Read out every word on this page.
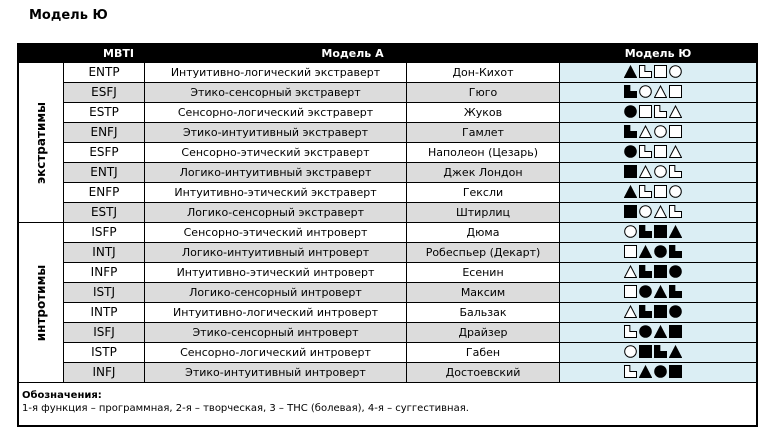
Модель Ю
MBTI	Модель А	Модель Ю
экстратимы
ENTP	Интуитивно-логический экстраверт	Дон-Кихот
ESFJ	Этико-сенсорный экстраверт	Гюго
ESTP	Сенсорно-логический экстраверт	Жуков
ENFJ	Этико-интуитивный экстраверт	Гамлет
ESFP	Сенсорно-этический экстраверт	Наполеон (Цезарь)
ENTJ	Логико-интуитивный экстраверт	Джек Лондон
ENFP	Интуитивно-этический экстраверт	Гексли
ESTJ	Логико-сенсорный экстраверт	Штирлиц
интротимы
ISFP	Сенсорно-этический интроверт	Дюма
INTJ	Логико-интуитивный интроверт	Робеспьер (Декарт)
INFP	Интуитивно-этический интроверт	Есенин
ISTJ	Логико-сенсорный интроверт	Максим
INTP	Интуитивно-логический интроверт	Бальзак
ISFJ	Этико-сенсорный интроверт	Драйзер
ISTP	Сенсорно-логический интроверт	Габен
INFJ	Этико-интуитивный интроверт	Достоевский
Обозначения:
1-я функция – программная, 2-я – творческая, 3 – ТНС (болевая), 4-я – суггестивная.
